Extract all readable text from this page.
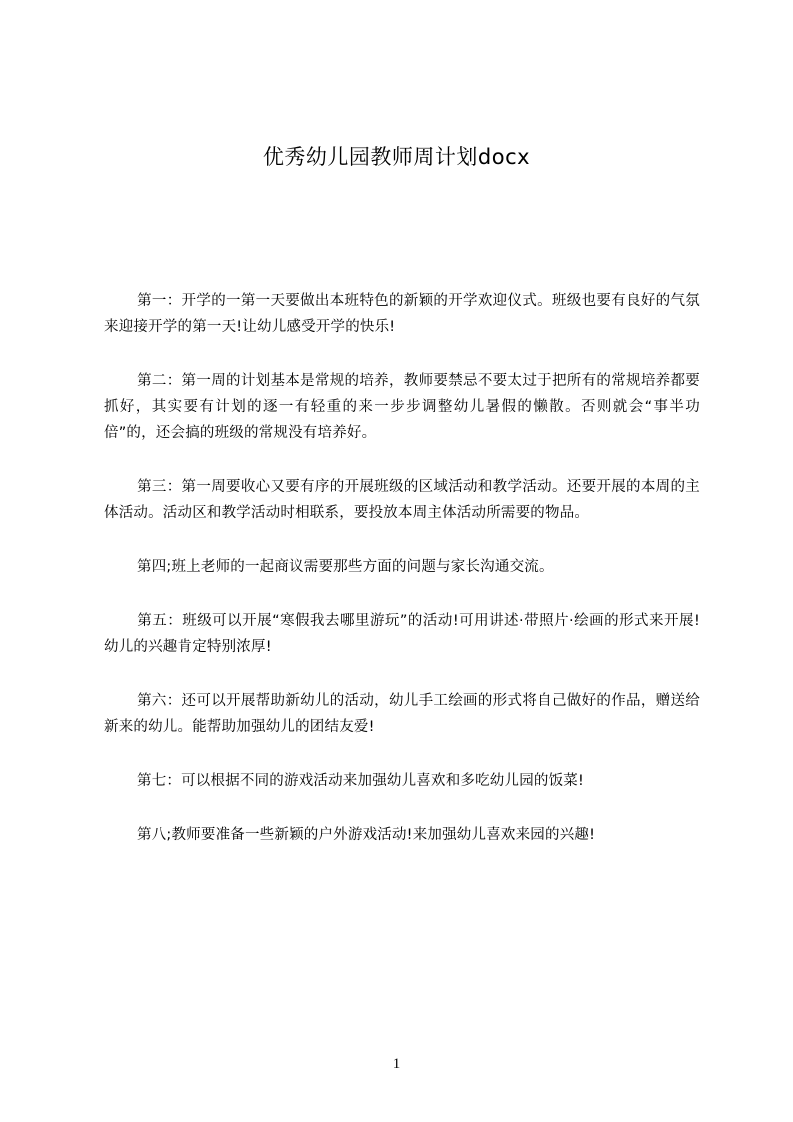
优秀幼儿园教师周计划docx

第一：开学的一第一天要做出本班特色的新颖的开学欢迎仪式。班级也要有良好的气氛来迎接开学的第一天!让幼儿感受开学的快乐!

第二：第一周的计划基本是常规的培养，教师要禁忌不要太过于把所有的常规培养都要抓好，其实要有计划的逐一有轻重的来一步步调整幼儿暑假的懒散。否则就会“事半功倍”的，还会搞的班级的常规没有培养好。

第三：第一周要收心又要有序的开展班级的区域活动和教学活动。还要开展的本周的主体活动。活动区和教学活动时相联系，要投放本周主体活动所需要的物品。

第四;班上老师的一起商议需要那些方面的问题与家长沟通交流。

第五：班级可以开展“寒假我去哪里游玩”的活动!可用讲述·带照片·绘画的形式来开展!幼儿的兴趣肯定特别浓厚!

第六：还可以开展帮助新幼儿的活动，幼儿手工绘画的形式将自己做好的作品，赠送给新来的幼儿。能帮助加强幼儿的团结友爱!

第七：可以根据不同的游戏活动来加强幼儿喜欢和多吃幼儿园的饭菜!

第八;教师要准备一些新颖的户外游戏活动!来加强幼儿喜欢来园的兴趣!

1
